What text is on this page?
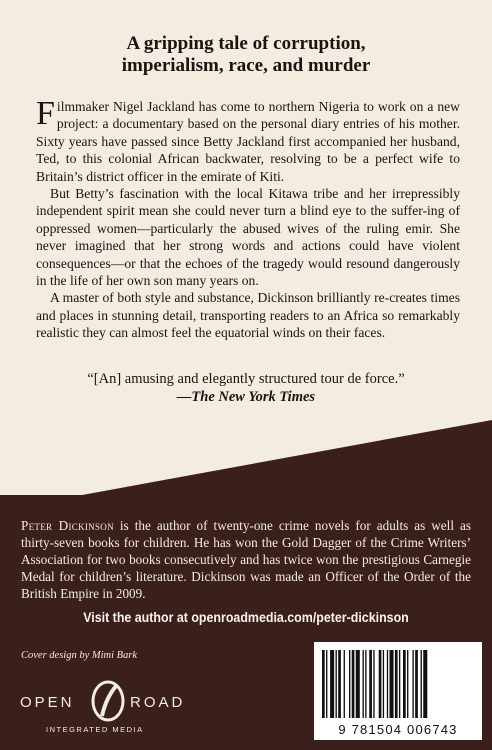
A gripping tale of corruption,
imperialism, race, and murder

Filmmaker Nigel Jackland has come to northern Nigeria to work on a new project: a documentary based on the personal diary entries of his mother. Sixty years have passed since Betty Jackland first accompanied her husband, Ted, to this colonial African backwater, resolving to be a perfect wife to Britain’s district officer in the emirate of Kiti.

But Betty’s fascination with the local Kitawa tribe and her irrepressibly independent spirit mean she could never turn a blind eye to the suffer-ing of oppressed women—particularly the abused wives of the ruling emir. She never imagined that her strong words and actions could have violent consequences—or that the echoes of the tragedy would resound dangerously in the life of her own son many years on.

A master of both style and substance, Dickinson brilliantly re-creates times and places in stunning detail, transporting readers to an Africa so remarkably realistic they can almost feel the equatorial winds on their faces.

“[An] amusing and elegantly structured tour de force.”
—The New York Times
Peter Dickinson is the author of twenty-one crime novels for adults as well as thirty-seven books for children. He has won the Gold Dagger of the Crime Writers’ Association for two books consecutively and has twice won the prestigious Carnegie Medal for children’s literature. Dickinson was made an Officer of the Order of the British Empire in 2009.
Visit the author at openroadmedia.com/peter-dickinson
Cover design by Mimi Bark
OPEN	ROAD
INTEGRATED MEDIA	9 781504 006743
